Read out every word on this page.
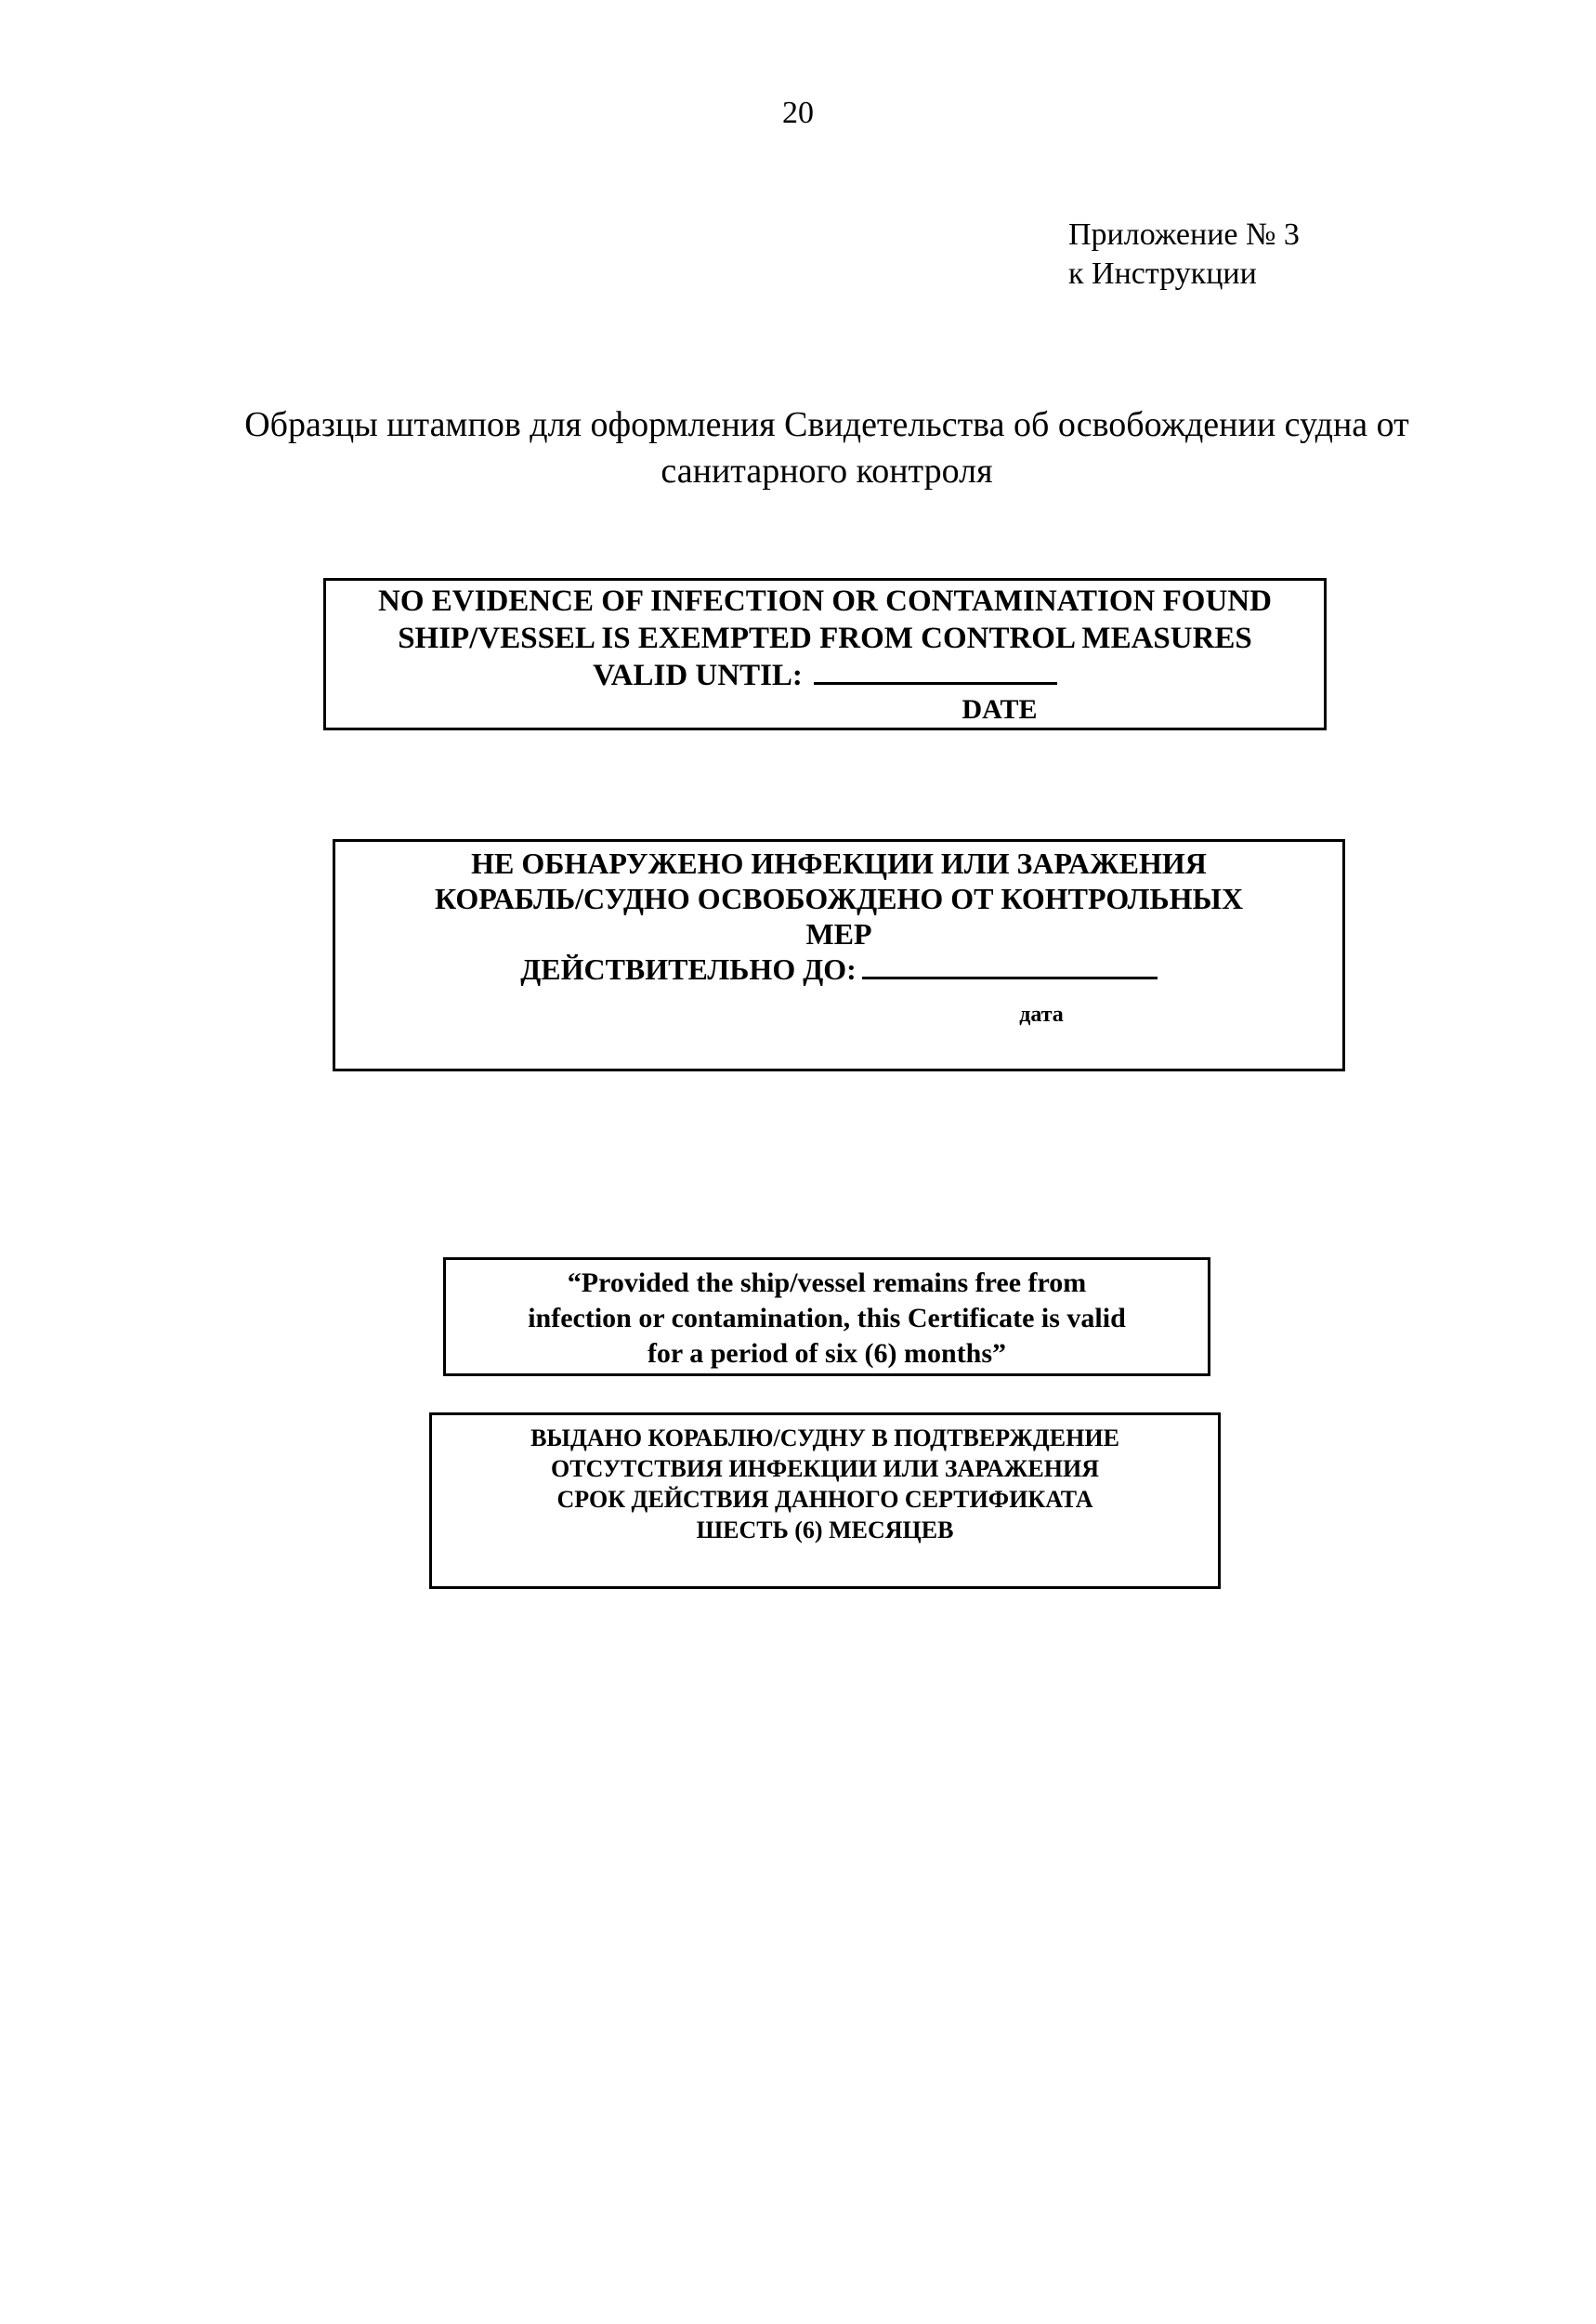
20
Приложение № 3
к Инструкции
Образцы штампов для оформления Свидетельства об освобождении судна от
санитарного контроля
NO EVIDENCE OF INFECTION OR CONTAMINATION FOUND
SHIP/VESSEL IS EXEMPTED FROM CONTROL MEASURES
VALID UNTIL:
DATE
НЕ ОБНАРУЖЕНО ИНФЕКЦИИ ИЛИ ЗАРАЖЕНИЯ
КОРАБЛЬ/СУДНО ОСВОБОЖДЕНО ОТ КОНТРОЛЬНЫХ
МЕР
ДЕЙСТВИТЕЛЬНО ДО:
дата
“Provided the ship/vessel remains free from
infection or contamination, this Certificate is valid
for a period of six (6) months”
ВЫДАНО КОРАБЛЮ/СУДНУ В ПОДТВЕРЖДЕНИЕ
ОТСУТСТВИЯ ИНФЕКЦИИ ИЛИ ЗАРАЖЕНИЯ
СРОК ДЕЙСТВИЯ ДАННОГО СЕРТИФИКАТА
ШЕСТЬ (6) МЕСЯЦЕВ
